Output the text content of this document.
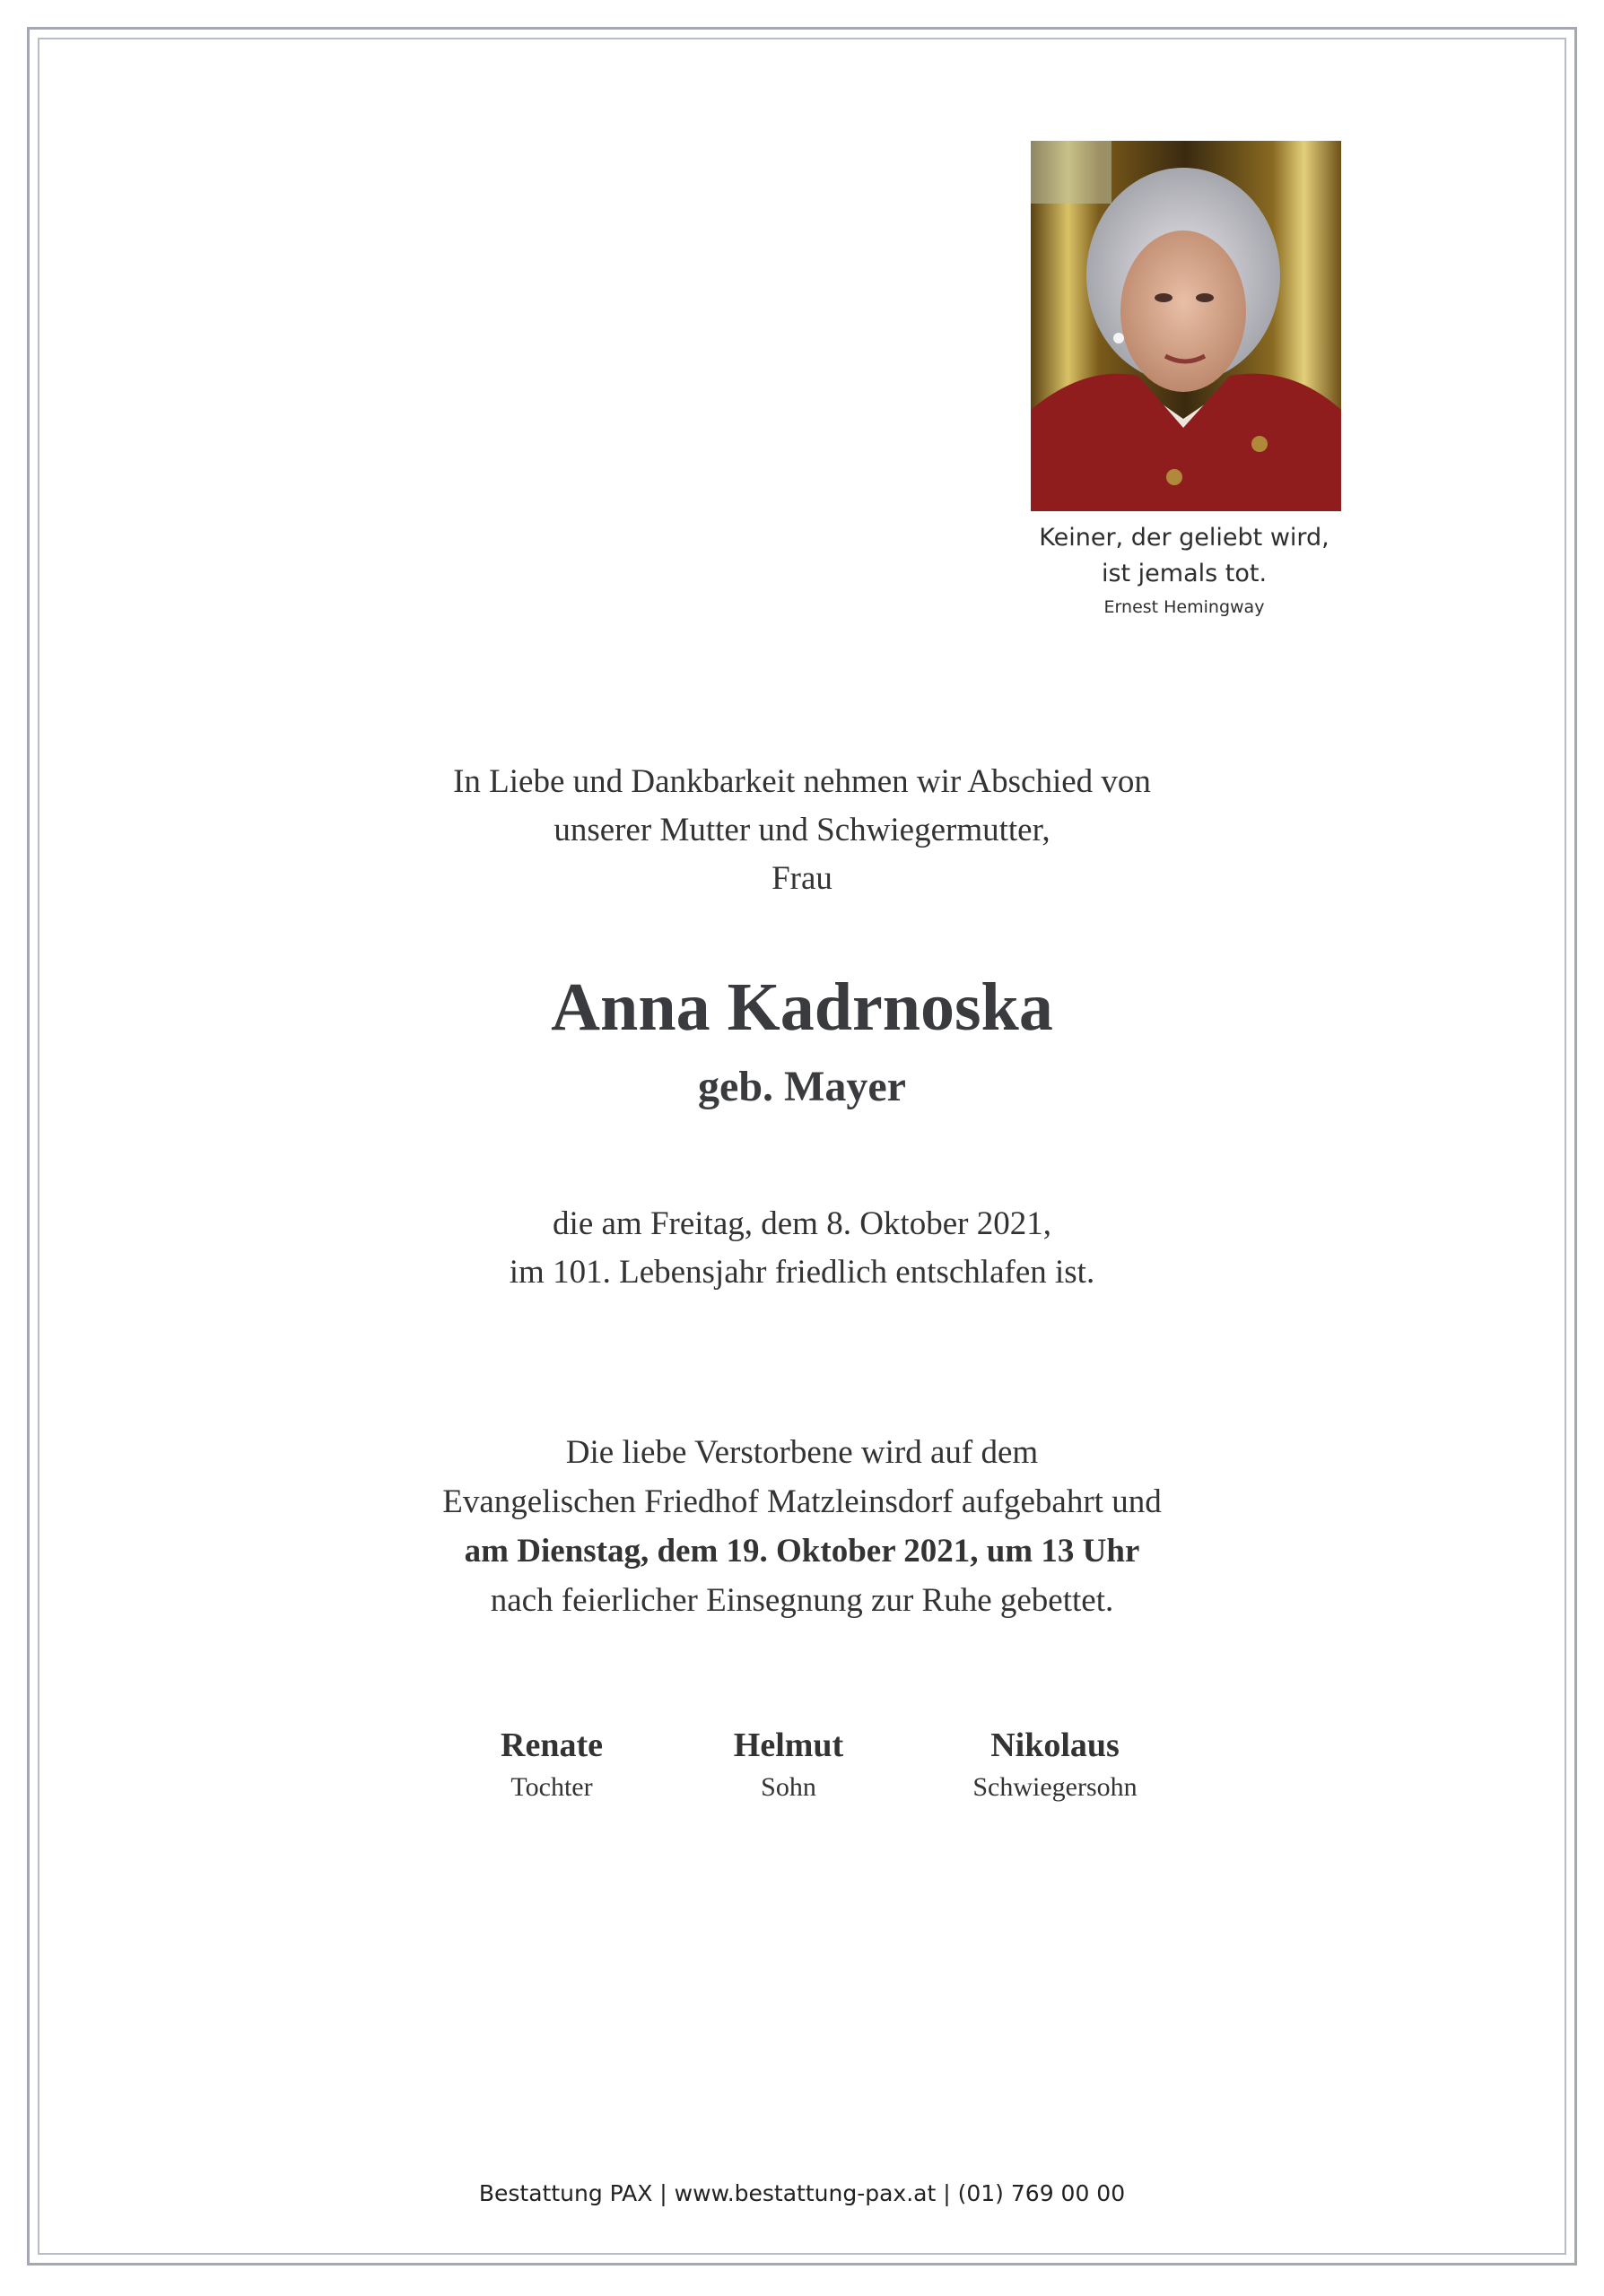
Keiner, der geliebt wird,
ist jemals tot.
Ernest Hemingway
In Liebe und Dankbarkeit nehmen wir Abschied von
unserer Mutter und Schwiegermutter,
Frau
Anna Kadrnoska
geb. Mayer
die am Freitag, dem 8. Oktober 2021,
im 101. Lebensjahr friedlich entschlafen ist.
Die liebe Verstorbene wird auf dem
Evangelischen Friedhof Matzleinsdorf aufgebahrt und
am Dienstag, dem 19. Oktober 2021, um 13 Uhr
nach feierlicher Einsegnung zur Ruhe gebettet.
Renate
Tochter
Helmut
Sohn
Nikolaus
Schwiegersohn
Bestattung PAX | www.bestattung-pax.at | (01) 769 00 00
